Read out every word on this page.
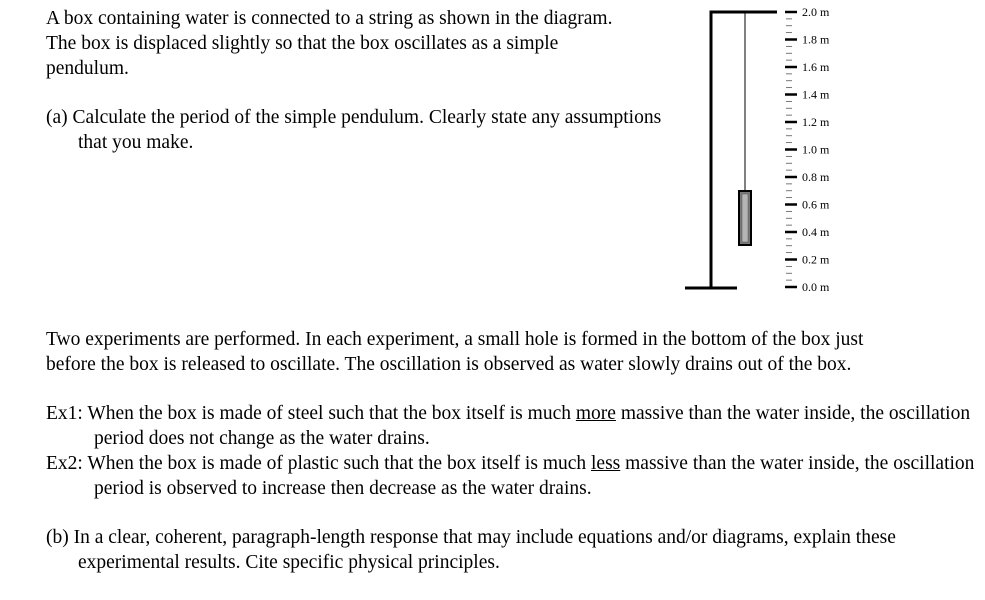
A box containing water is connected to a string as shown in the diagram.

The box is displaced slightly so that the box oscillates as a simple

pendulum.

(a) Calculate the period of the simple pendulum. Clearly state any assumptions that you make.

2.0 m
1.8 m
1.6 m
1.4 m
1.2 m
1.0 m
0.8 m
0.6 m
0.4 m
0.2 m
0.0 m

Two experiments are performed. In each experiment, a small hole is formed in the bottom of the box just

before the box is released to oscillate. The oscillation is observed as water slowly drains out of the box.

Ex1: When the box is made of steel such that the box itself is much more massive than the water inside, the oscillation period does not change as the water drains.

Ex2: When the box is made of plastic such that the box itself is much less massive than the water inside, the oscillation period is observed to increase then decrease as the water drains.

(b) In a clear, coherent, paragraph-length response that may include equations and/or diagrams, explain these experimental results. Cite specific physical principles.
